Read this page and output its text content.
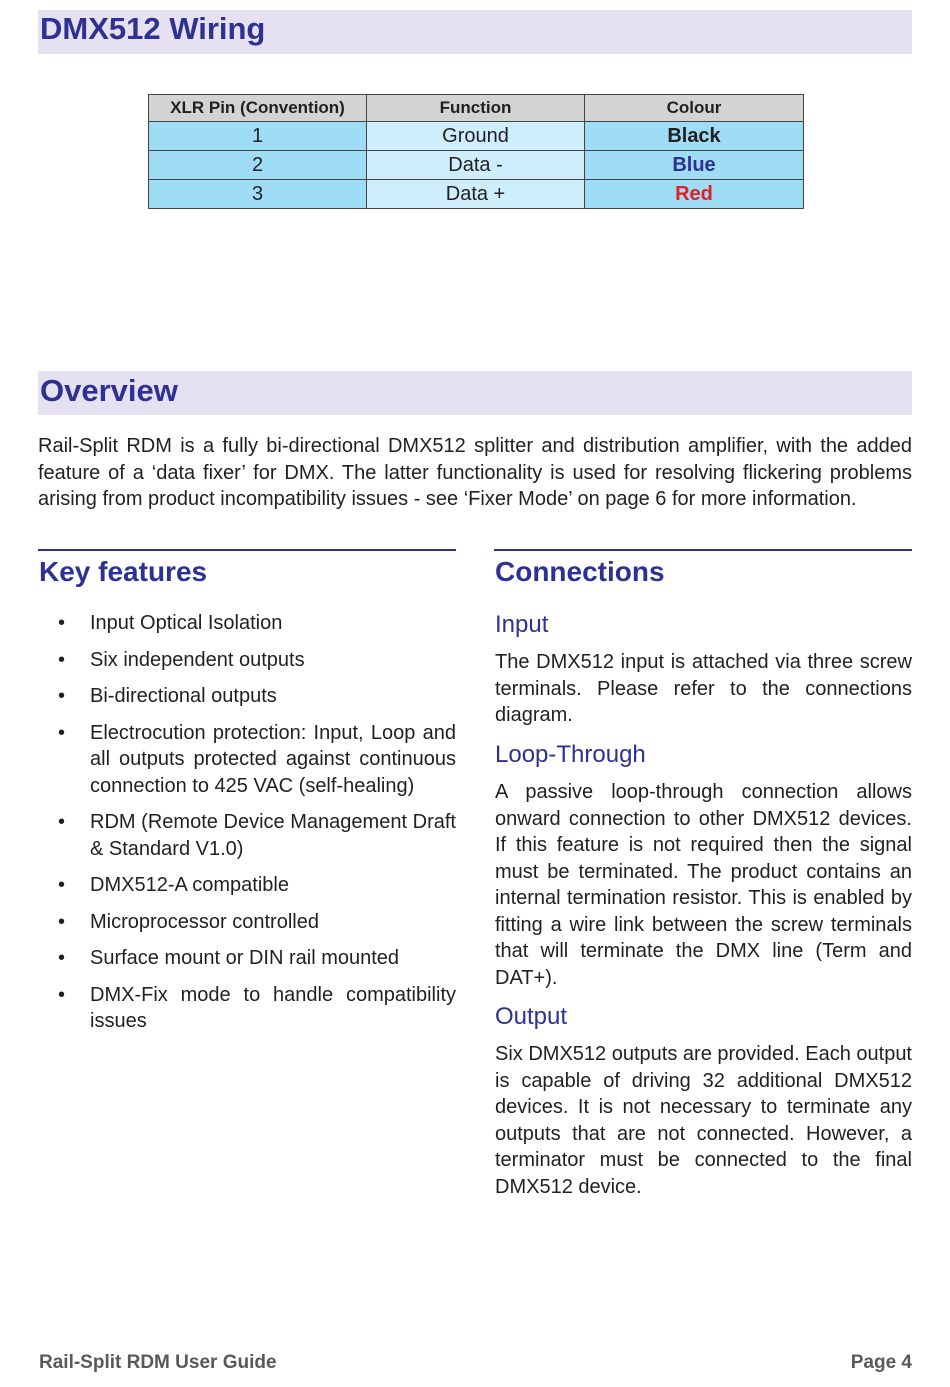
DMX512 Wiring
XLR Pin (Convention)	Function	Colour
1	Ground	Black
2	Data -	Blue
3	Data +	Red
Overview

Rail-Split RDM is a fully bi-directional DMX512 splitter and distribution amplifier, with the added feature of a ‘data fixer’ for DMX. The latter functionality is used for resolving flickering problems arising from product incompatibility issues - see ‘Fixer Mode’ on page 6 for more information.

Key features
• Input Optical Isolation
• Six independent outputs
• Bi-directional outputs
• Electrocution protection: Input, Loop and all outputs protected against continuous connection to 425 VAC (self-healing)
• RDM (Remote Device Management Draft & Standard V1.0)
• DMX512-A compatible
• Microprocessor controlled
• Surface mount or DIN rail mounted
• DMX-Fix mode to handle compatibility issues
Connections
Input

The DMX512 input is attached via three screw terminals. Please refer to the connections diagram.

Loop-Through

A passive loop-through connection allows onward connection to other DMX512 devices. If this feature is not required then the signal must be terminated. The product contains an internal termination resistor. This is enabled by fitting a wire link between the screw terminals that will terminate the DMX line (Term and DAT+).

Output

Six DMX512 outputs are provided. Each output is capable of driving 32 additional DMX512 devices. It is not necessary to terminate any outputs that are not connected. However, a terminator must be connected to the final DMX512 device.

Rail-Split RDM User Guide	Page 4
